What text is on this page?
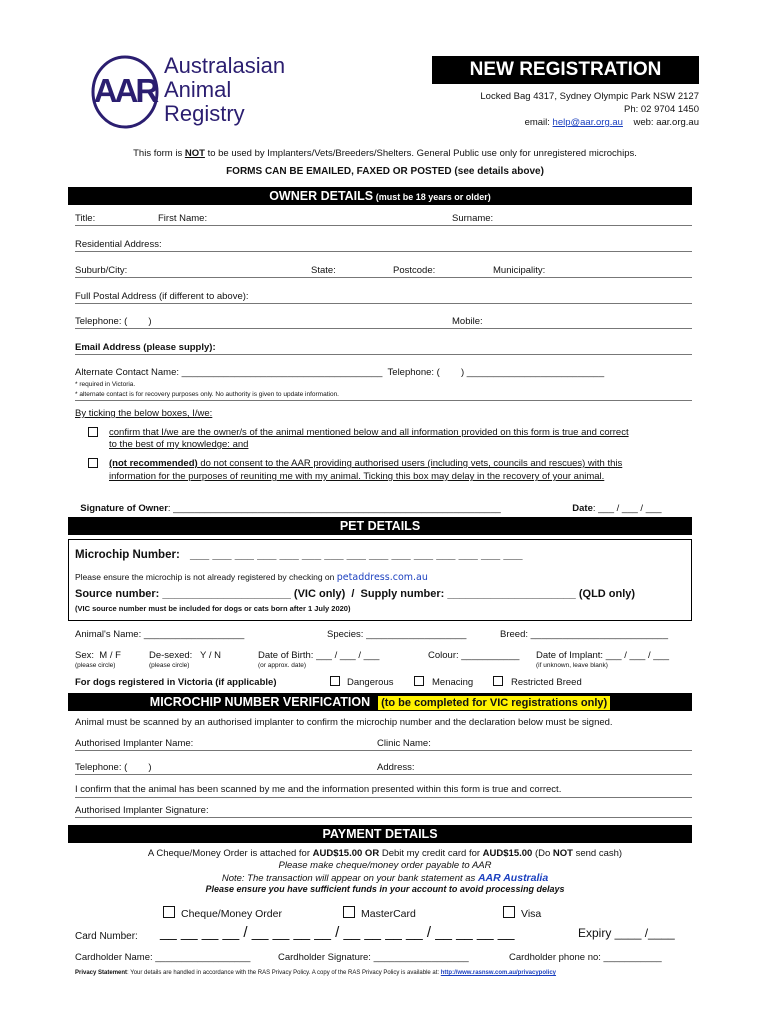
AAR
Australasian
Animal
Registry
NEW REGISTRATION
Locked Bag 4317, Sydney Olympic Park NSW 2127
Ph: 02 9704 1450
email: help@aar.org.au web: aar.org.au
This form is NOT to be used by Implanters/Vets/Breeders/Shelters. General Public use only for unregistered microchips.
FORMS CAN BE EMAILED, FAXED OR POSTED (see details above)
OWNER DETAILS (must be 18 years or older)
Title:	First Name:	Surname:
Residential Address:
Suburb/City:	State:	Postcode:	Municipality:
Full Postal Address (if different to above):
Telephone: (        )	Mobile:
Email Address (please supply):
Alternate Contact Name: ______________________________________  Telephone: (        ) __________________________
* required in Victoria.
* alternate contact is for recovery purposes only. No authority is given to update information.
By ticking the below boxes, I/we:
confirm that I/we are the owner/s of the animal mentioned below and all information provided on this form is true and correct
to the best of my knowledge: and
(not recommended) do not consent to the AAR providing authorised users (including vets, councils and rescues) with this
information for the purposes of reuniting me with my animal. Ticking this box may delay in the recovery of your animal.

Signature of Owner: ______________________________________________________________	Date: ___ / ___ / ___

PET DETAILS
Microchip Number: ___ ___ ___ ___ ___ ___ ___ ___ ___ ___ ___ ___ ___ ___ ___
Please ensure the microchip is not already registered by checking on petaddress.com.au
Source number: _____________________ (VIC only)  /  Supply number: _____________________ (QLD only)
(VIC source number must be included for dogs or cats born after 1 July 2020)
Animal's Name: ___________________	Species: ___________________	Breed: __________________________
Sex:  M / F	De-sexed:   Y / N	Date of Birth: ___ / ___ / ___	Colour: ___________ Date of Implant: ___ / ___ / ___
(please circle)	(please circle)	(or approx. date)	(if unknown, leave blank)
For dogs registered in Victoria (if applicable)	Dangerous	Menacing	Restricted Breed
MICROCHIP NUMBER VERIFICATION (to be completed for VIC registrations only)
Animal must be scanned by an authorised implanter to confirm the microchip number and the declaration below must be signed.
Authorised Implanter Name:	Clinic Name:
Telephone: (        )	Address:
I confirm that the animal has been scanned by me and the information presented within this form is true and correct.
Authorised Implanter Signature:
PAYMENT DETAILS
A Cheque/Money Order is attached for AUD$15.00 OR Debit my credit card for AUD$15.00 (Do NOT send cash)
Please make cheque/money order payable to AAR
Note: The transaction will appear on your bank statement as AAR Australia
Please ensure you have sufficient funds in your account to avoid processing delays
Cheque/Money Order	MasterCard	Visa
Card Number: __ __ __ __ / __ __ __ __ / __ __ __ __ / __ __ __ __	Expiry ____ /____
Cardholder Name: __________________	Cardholder Signature: __________________	Cardholder phone no: ___________
Privacy Statement: Your details are handled in accordance with the RAS Privacy Policy. A copy of the RAS Privacy Policy is available at: http://www.rasnsw.com.au/privacypolicy
